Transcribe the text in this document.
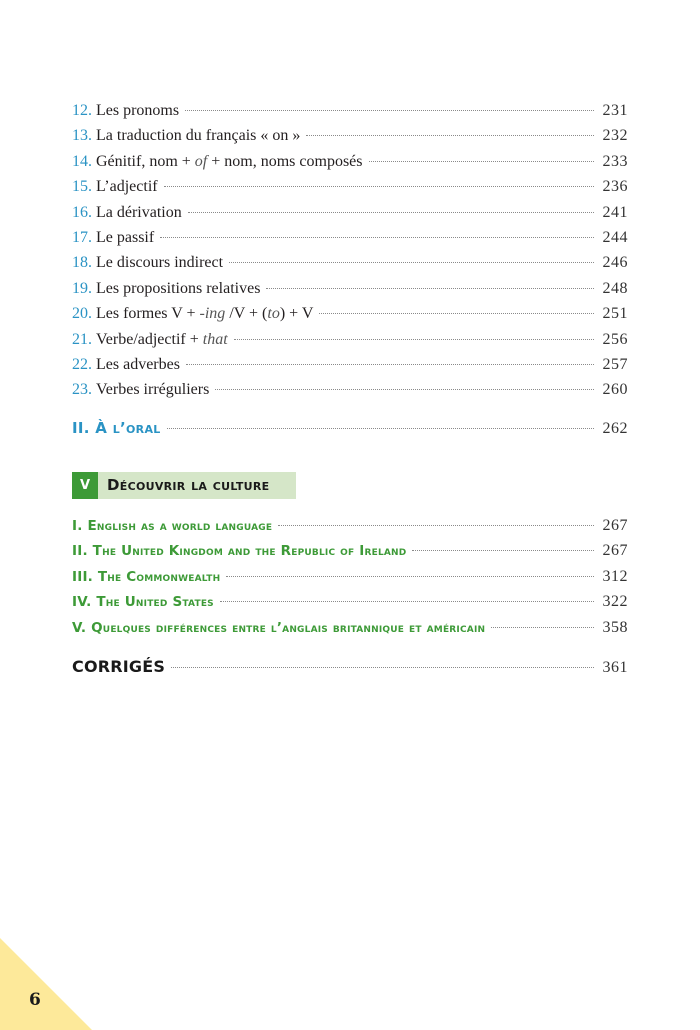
12.
Les pronoms	231
13.
La traduction du français « on »	232
14.
Génitif, nom + of + nom, noms composés	233
15.
L’adjectif	236
16.
La dérivation	241
17.
Le passif	244
18.
Le discours indirect	246
19.
Les propositions relatives	248
20.
Les formes V + -ing /V + (to) + V	251
21.
Verbe/adjectif + that	256
22.
Les adverbes	257
23.
Verbes irréguliers	260
II. À l’oral	262
V	Découvrir la culture
I. English as a world language	267
II. The United Kingdom and the Republic of Ireland	267
III. The Commonwealth	312
IV. The United States	322
V. Quelques différences entre l’anglais britannique et américain	358
CORRIGÉS	361
6
